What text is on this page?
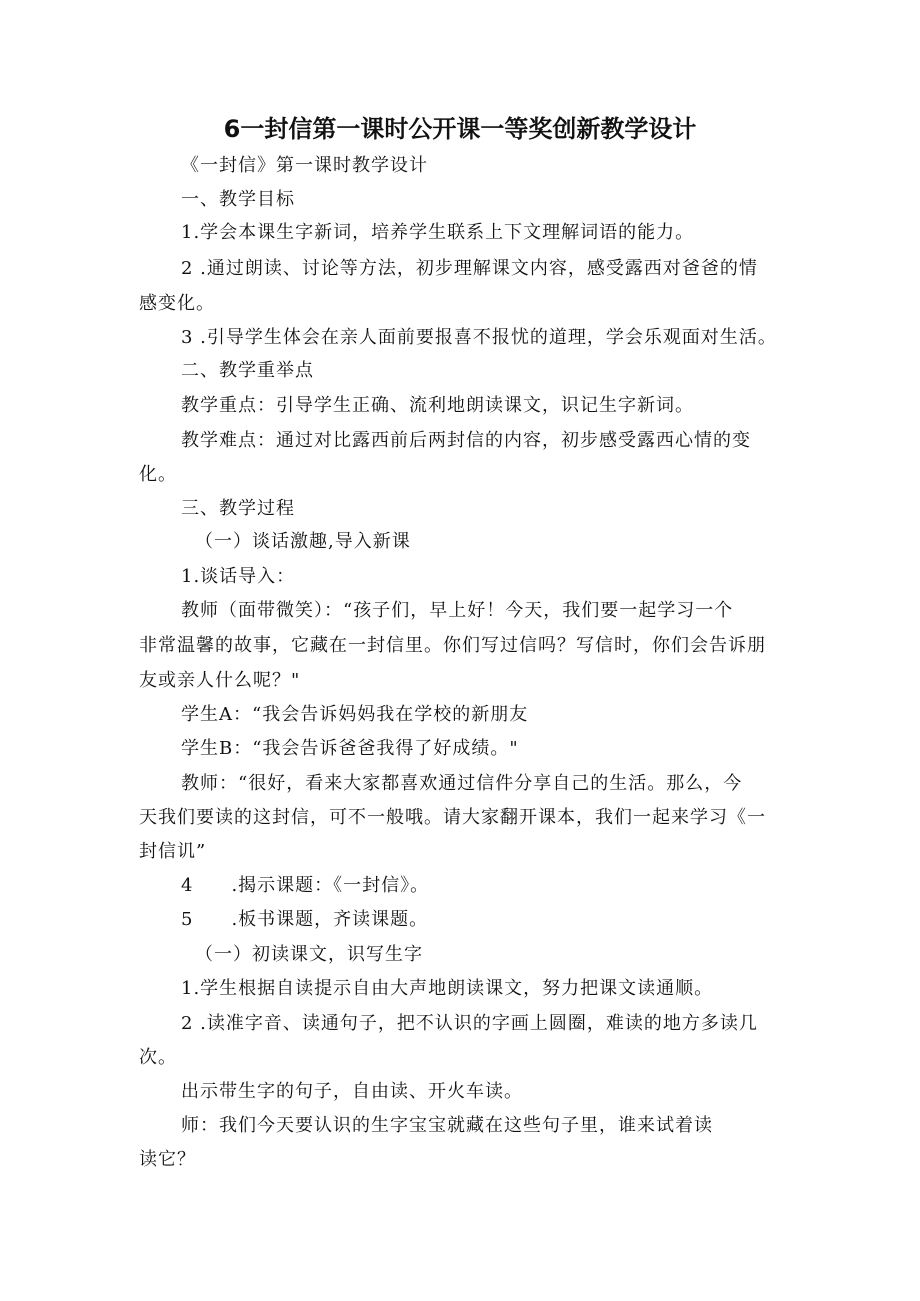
6一封信第一课时公开课一等奖创新教学设计
《一封信》第一课时教学设计
一、教学目标
1.学会本课生字新词，培养学生联系上下文理解词语的能力。
2 .通过朗读、讨论等方法，初步理解课文内容，感受露西对爸爸的情
感变化。
3 .引导学生体会在亲人面前要报喜不报忧的道理，学会乐观面对生活。
二、教学重举点
教学重点：引导学生正确、流利地朗读课文，识记生字新词。
教学难点：通过对比露西前后两封信的内容，初步感受露西心情的变
化。
三、教学过程
（一）谈话激趣,导入新课
1.谈话导入：
教师（面带微笑）：“孩子们，早上好！今天，我们要一起学习一个
非常温馨的故事，它藏在一封信里。你们写过信吗？写信时，你们会告诉朋
友或亲人什么呢？"
学生A：“我会告诉妈妈我在学校的新朋友
学生B：“我会告诉爸爸我得了好成绩。"
教师：“很好，看来大家都喜欢通过信件分享自己的生活。那么，今
天我们要读的这封信，可不一般哦。请大家翻开课本，我们一起来学习《一
封信讥”
4　　.揭示课题：《一封信》。
5　　.板书课题，齐读课题。
（一）初读课文，识写生字
1.学生根据自读提示自由大声地朗读课文，努力把课文读通顺。
2 .读准字音、读通句子，把不认识的字画上圆圈，难读的地方多读几
次。
出示带生字的句子，自由读、开火车读。
师：我们今天要认识的生字宝宝就藏在这些句子里，谁来试着读
读它？
